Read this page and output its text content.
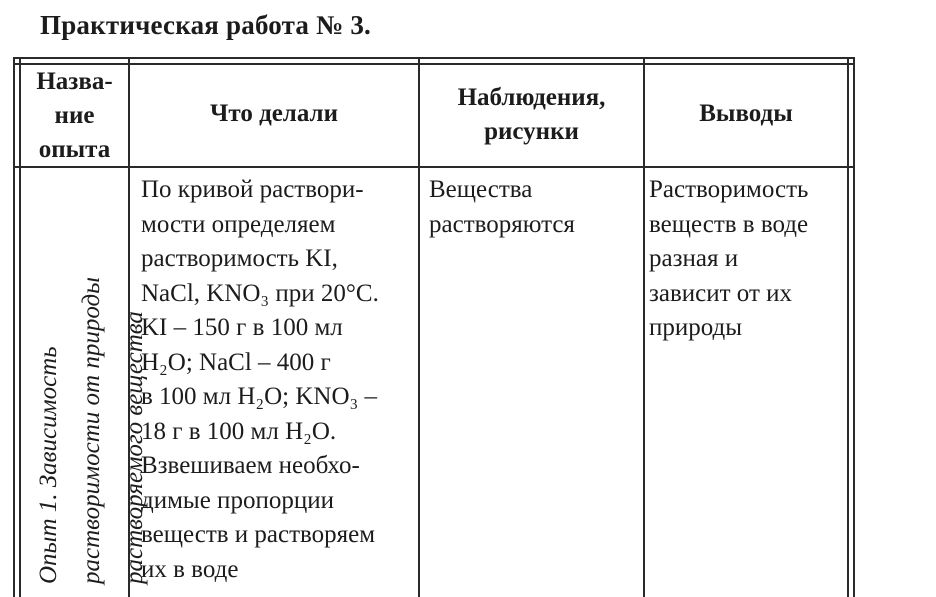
Практическая работа № 3.
Назва-
ние
опыта
Что делали
Наблюдения,
рисунки
Выводы
Опыт 1. Зависимость растворимости от природы растворяемого вещества
По кривой раствори-
мости определяем
растворимость KI,
NaCl, KNO₃ при 20°C.
KI – 150 г в 100 мл
H₂O; NaCl – 400 г
в 100 мл H₂O; KNO₃ –
18 г в 100 мл H₂O.
Взвешиваем необхо-
димые пропорции
веществ и растворяем
их в воде
Вещества
растворяются
Растворимость
веществ в воде
разная и
зависит от их
природы
